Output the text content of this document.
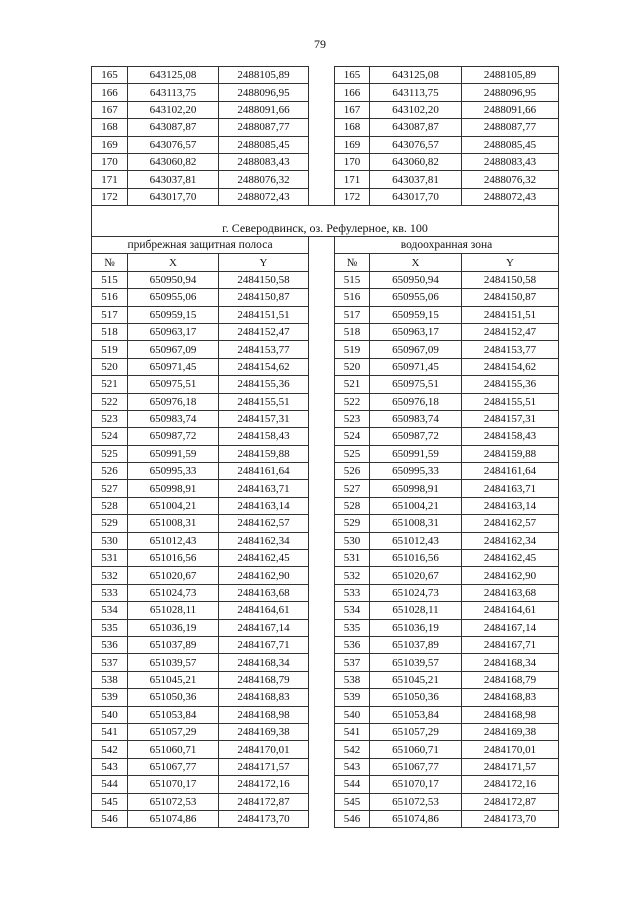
79
165	643125,08	2488105,89		165	643125,08	2488105,89
166	643113,75	2488096,95		166	643113,75	2488096,95
167	643102,20	2488091,66		167	643102,20	2488091,66
168	643087,87	2488087,77		168	643087,87	2488087,77
169	643076,57	2488085,45		169	643076,57	2488085,45
170	643060,82	2488083,43		170	643060,82	2488083,43
171	643037,81	2488076,32		171	643037,81	2488076,32
172	643017,70	2488072,43		172	643017,70	2488072,43
г. Северодвинск, оз. Рефулерное, кв. 100						
прибрежная защитная полоса				водоохранная зона		
№	X	Y		№	X	Y
515	650950,94	2484150,58		515	650950,94	2484150,58
516	650955,06	2484150,87		516	650955,06	2484150,87
517	650959,15	2484151,51		517	650959,15	2484151,51
518	650963,17	2484152,47		518	650963,17	2484152,47
519	650967,09	2484153,77		519	650967,09	2484153,77
520	650971,45	2484154,62		520	650971,45	2484154,62
521	650975,51	2484155,36		521	650975,51	2484155,36
522	650976,18	2484155,51		522	650976,18	2484155,51
523	650983,74	2484157,31		523	650983,74	2484157,31
524	650987,72	2484158,43		524	650987,72	2484158,43
525	650991,59	2484159,88		525	650991,59	2484159,88
526	650995,33	2484161,64		526	650995,33	2484161,64
527	650998,91	2484163,71		527	650998,91	2484163,71
528	651004,21	2484163,14		528	651004,21	2484163,14
529	651008,31	2484162,57		529	651008,31	2484162,57
530	651012,43	2484162,34		530	651012,43	2484162,34
531	651016,56	2484162,45		531	651016,56	2484162,45
532	651020,67	2484162,90		532	651020,67	2484162,90
533	651024,73	2484163,68		533	651024,73	2484163,68
534	651028,11	2484164,61		534	651028,11	2484164,61
535	651036,19	2484167,14		535	651036,19	2484167,14
536	651037,89	2484167,71		536	651037,89	2484167,71
537	651039,57	2484168,34		537	651039,57	2484168,34
538	651045,21	2484168,79		538	651045,21	2484168,79
539	651050,36	2484168,83		539	651050,36	2484168,83
540	651053,84	2484168,98		540	651053,84	2484168,98
541	651057,29	2484169,38		541	651057,29	2484169,38
542	651060,71	2484170,01		542	651060,71	2484170,01
543	651067,77	2484171,57		543	651067,77	2484171,57
544	651070,17	2484172,16		544	651070,17	2484172,16
545	651072,53	2484172,87		545	651072,53	2484172,87
546	651074,86	2484173,70		546	651074,86	2484173,70
